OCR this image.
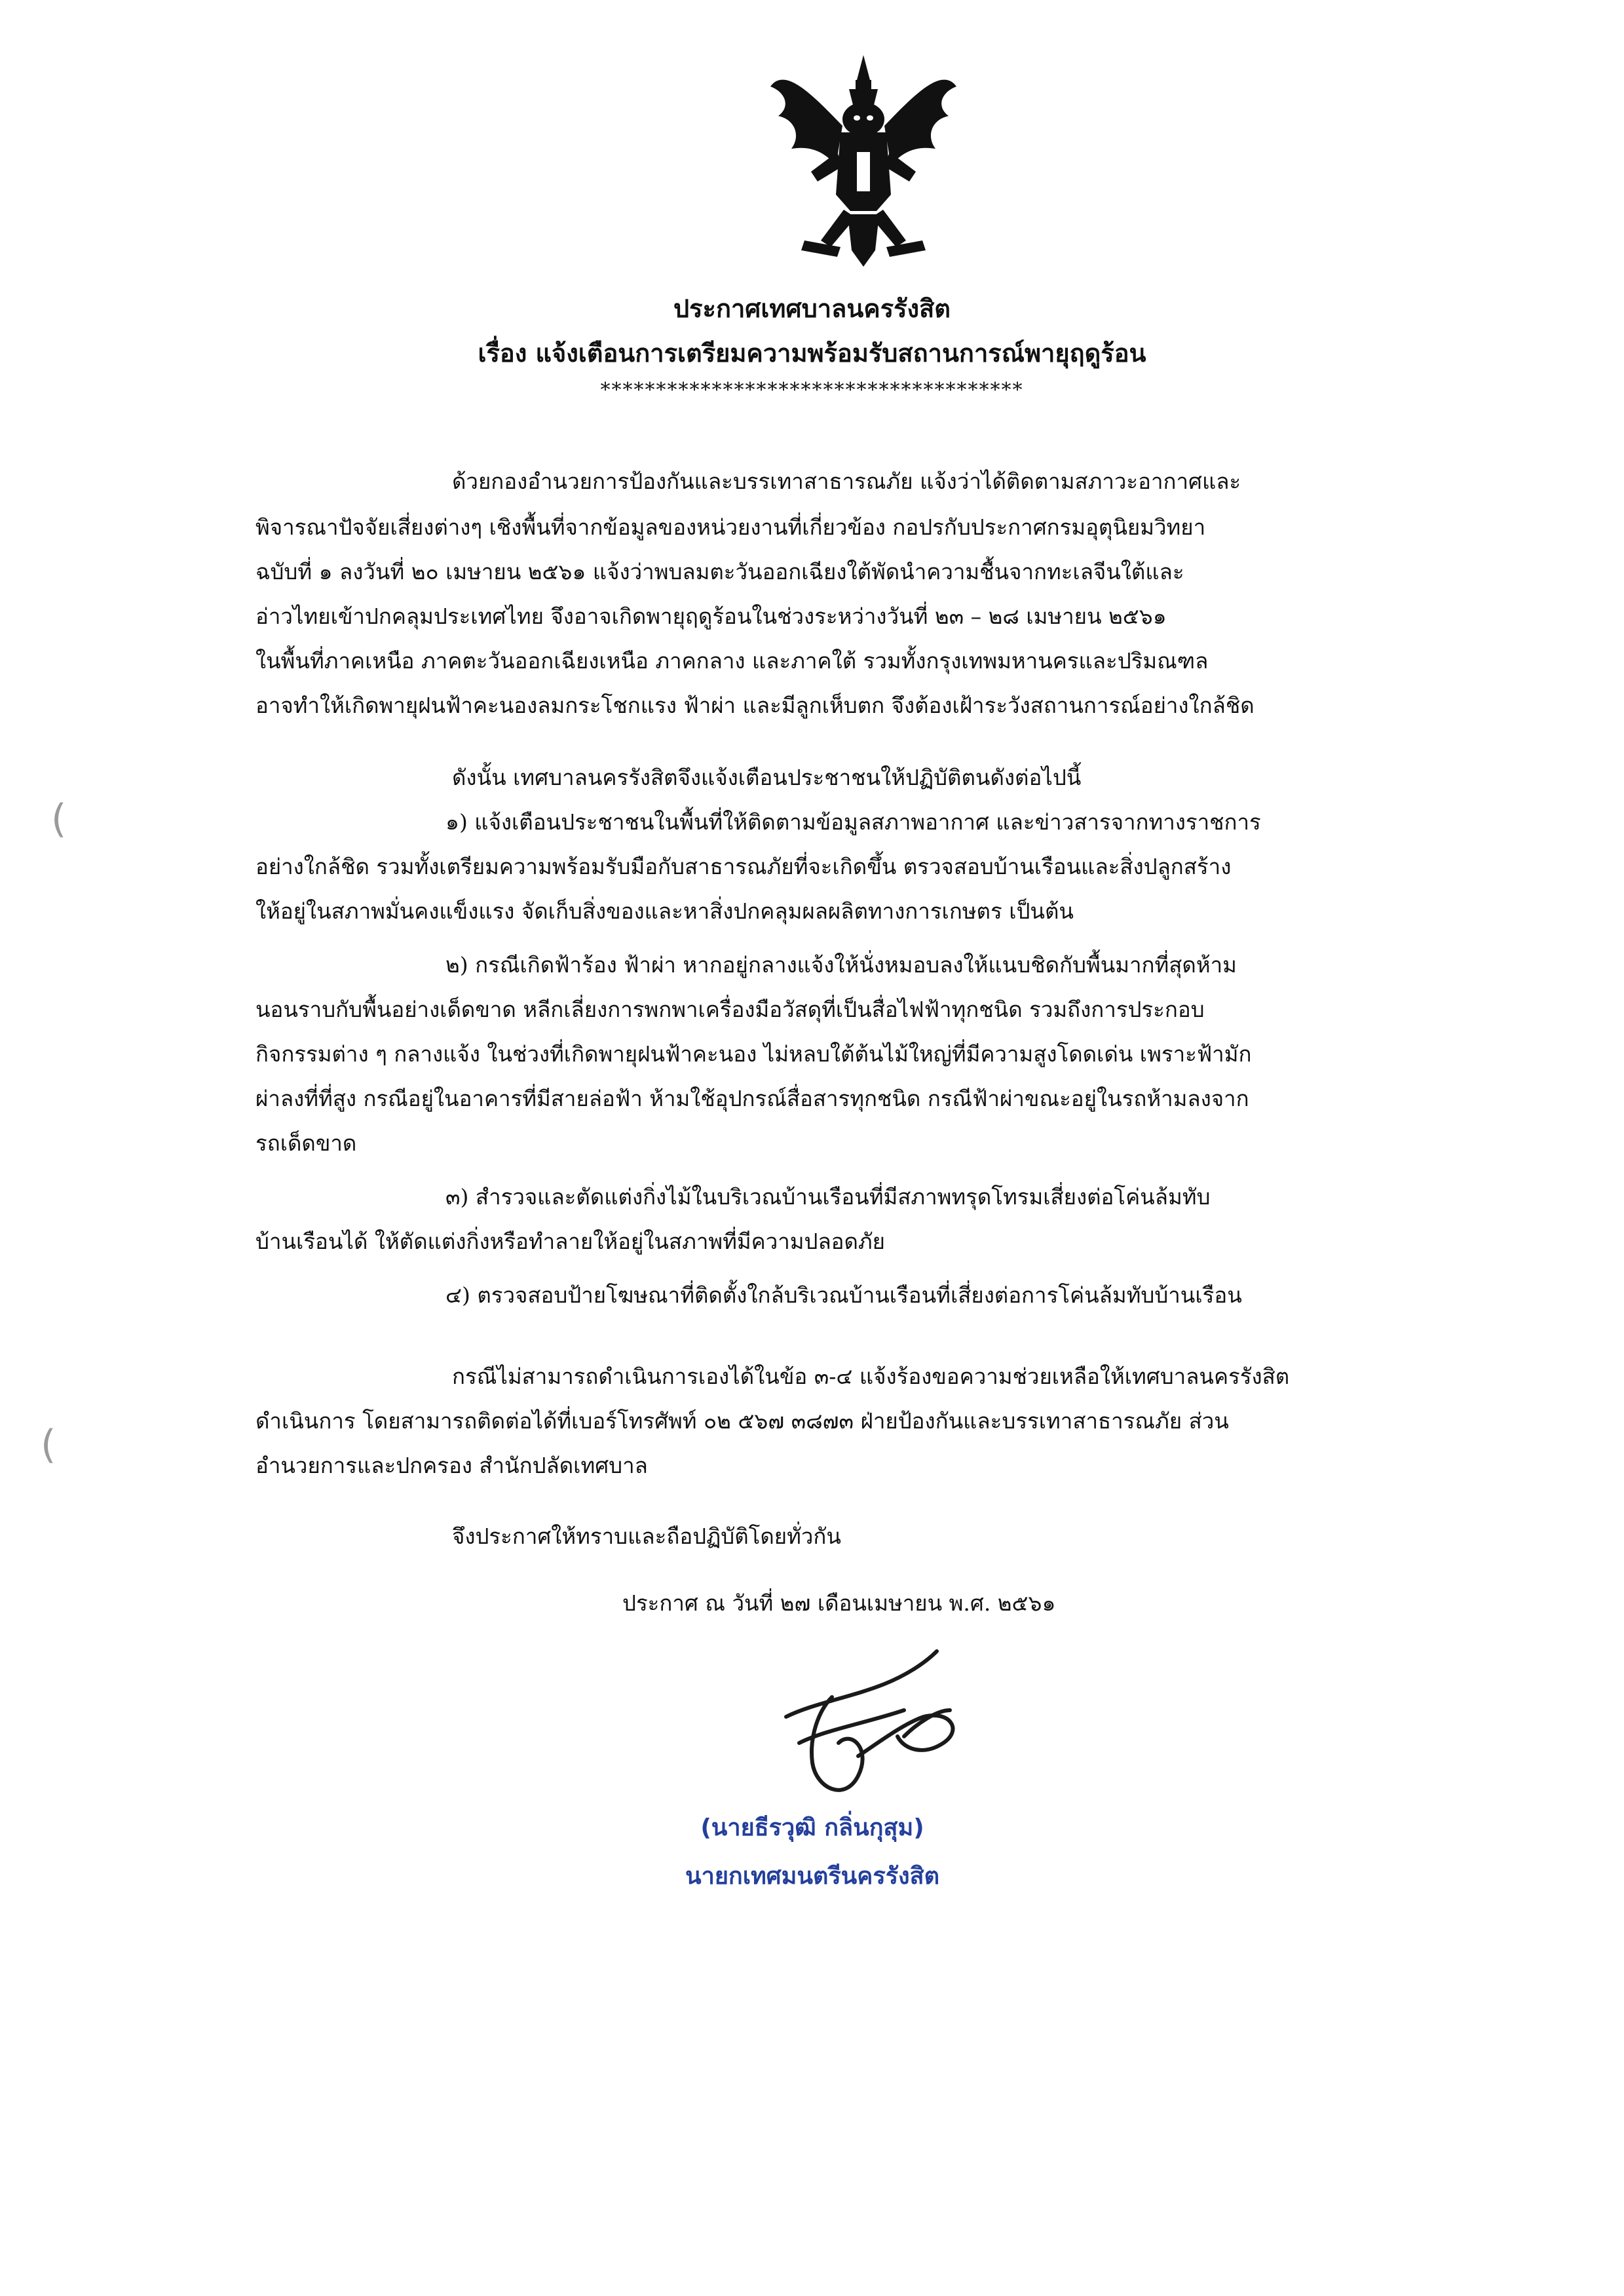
ประกาศเทศบาลนครรังสิต
เรื่อง แจ้งเตือนการเตรียมความพร้อมรับสถานการณ์พายุฤดูร้อน
**************************************
ด้วยกองอำนวยการป้องกันและบรรเทาสาธารณภัย แจ้งว่าได้ติดตามสภาวะอากาศและ
พิจารณาปัจจัยเสี่ยงต่างๆ เชิงพื้นที่จากข้อมูลของหน่วยงานที่เกี่ยวข้อง กอปรกับประกาศกรมอุตุนิยมวิทยา
ฉบับที่ ๑ ลงวันที่ ๒๐ เมษายน ๒๕๖๑ แจ้งว่าพบลมตะวันออกเฉียงใต้พัดนำความชื้นจากทะเลจีนใต้และ
อ่าวไทยเข้าปกคลุมประเทศไทย จึงอาจเกิดพายุฤดูร้อนในช่วงระหว่างวันที่ ๒๓ – ๒๘ เมษายน ๒๕๖๑
ในพื้นที่ภาคเหนือ ภาคตะวันออกเฉียงเหนือ ภาคกลาง และภาคใต้ รวมทั้งกรุงเทพมหานครและปริมณฑล
อาจทำให้เกิดพายุฝนฟ้าคะนองลมกระโชกแรง ฟ้าผ่า และมีลูกเห็บตก จึงต้องเฝ้าระวังสถานการณ์อย่างใกล้ชิด
ดังนั้น เทศบาลนครรังสิตจึงแจ้งเตือนประชาชนให้ปฏิบัติตนดังต่อไปนี้
๑) แจ้งเตือนประชาชนในพื้นที่ให้ติดตามข้อมูลสภาพอากาศ และข่าวสารจากทางราชการ
อย่างใกล้ชิด รวมทั้งเตรียมความพร้อมรับมือกับสาธารณภัยที่จะเกิดขึ้น ตรวจสอบบ้านเรือนและสิ่งปลูกสร้าง
ให้อยู่ในสภาพมั่นคงแข็งแรง จัดเก็บสิ่งของและหาสิ่งปกคลุมผลผลิตทางการเกษตร เป็นต้น
๒) กรณีเกิดฟ้าร้อง ฟ้าผ่า หากอยู่กลางแจ้งให้นั่งหมอบลงให้แนบชิดกับพื้นมากที่สุดห้าม
นอนราบกับพื้นอย่างเด็ดขาด หลีกเลี่ยงการพกพาเครื่องมือวัสดุที่เป็นสื่อไฟฟ้าทุกชนิด รวมถึงการประกอบ
กิจกรรมต่าง ๆ กลางแจ้ง ในช่วงที่เกิดพายุฝนฟ้าคะนอง ไม่หลบใต้ต้นไม้ใหญ่ที่มีความสูงโดดเด่น เพราะฟ้ามัก
ผ่าลงที่ที่สูง กรณีอยู่ในอาคารที่มีสายล่อฟ้า ห้ามใช้อุปกรณ์สื่อสารทุกชนิด กรณีฟ้าผ่าขณะอยู่ในรถห้ามลงจาก
รถเด็ดขาด
๓) สำรวจและตัดแต่งกิ่งไม้ในบริเวณบ้านเรือนที่มีสภาพทรุดโทรมเสี่ยงต่อโค่นล้มทับ
บ้านเรือนได้ ให้ตัดแต่งกิ่งหรือทำลายให้อยู่ในสภาพที่มีความปลอดภัย
๔) ตรวจสอบป้ายโฆษณาที่ติดตั้งใกล้บริเวณบ้านเรือนที่เสี่ยงต่อการโค่นล้มทับบ้านเรือน
กรณีไม่สามารถดำเนินการเองได้ในข้อ ๓-๔ แจ้งร้องขอความช่วยเหลือให้เทศบาลนครรังสิต
ดำเนินการ โดยสามารถติดต่อได้ที่เบอร์โทรศัพท์ ๐๒ ๕๖๗ ๓๘๗๓ ฝ่ายป้องกันและบรรเทาสาธารณภัย ส่วน
อำนวยการและปกครอง สำนักปลัดเทศบาล
จึงประกาศให้ทราบและถือปฏิบัติโดยทั่วกัน
ประกาศ ณ วันที่ ๒๗ เดือนเมษายน พ.ศ. ๒๕๖๑
(นายธีรวุฒิ กลิ่นกุสุม)
นายกเทศมนตรีนครรังสิต
(
(
